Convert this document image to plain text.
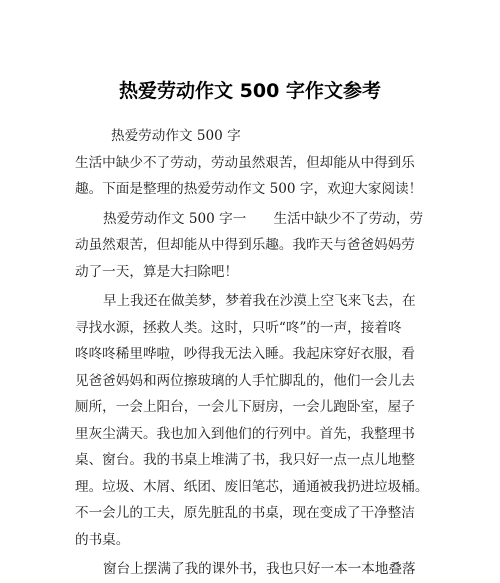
热爱劳动作文 500 字作文参考
热爱劳动作文 500 字
生活中缺少不了劳动，劳动虽然艰苦，但却能从中得到乐
趣。下面是整理的热爱劳动作文 500 字，欢迎大家阅读！
热爱劳动作文 500 字一　　生活中缺少不了劳动，劳
动虽然艰苦，但却能从中得到乐趣。我昨天与爸爸妈妈劳
动了一天，算是大扫除吧！
早上我还在做美梦，梦着我在沙漠上空飞来飞去，在
寻找水源，拯救人类。这时，只听“咚”的一声，接着咚
咚咚咚稀里哗啦，吵得我无法入睡。我起床穿好衣服，看
见爸爸妈妈和两位擦玻璃的人手忙脚乱的，他们一会儿去
厕所，一会上阳台，一会儿下厨房，一会儿跑卧室，屋子
里灰尘满天。我也加入到他们的行列中。首先，我整理书
桌、窗台。我的书桌上堆满了书，我只好一点一点儿地整
理。垃圾、木屑、纸团、废旧笔芯，通通被我扔进垃圾桶。
不一会儿的工夫，原先脏乱的书桌，现在变成了干净整洁
的书桌。
窗台上摆满了我的课外书，我也只好一本一本地叠落
